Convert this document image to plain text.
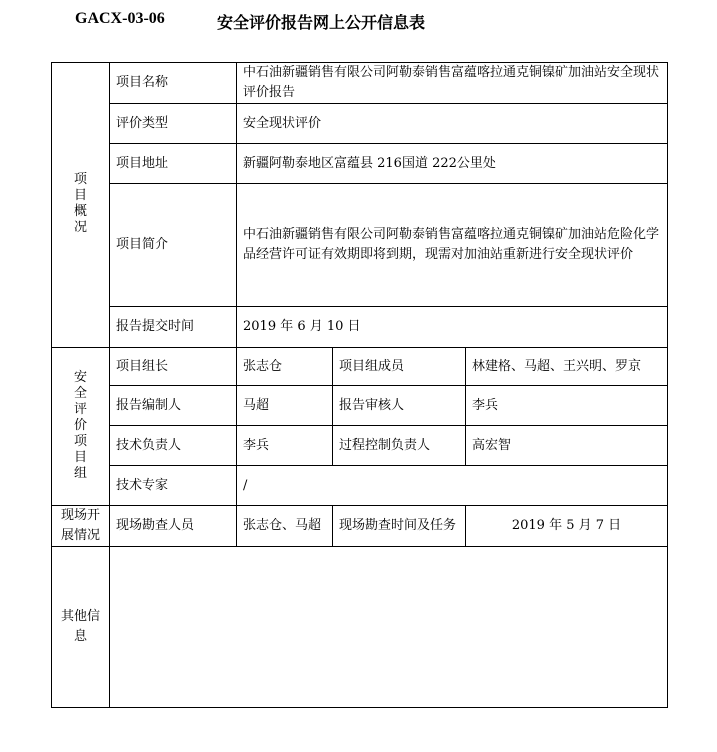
GACX-03-06	安全评价报告网上公开信息表
项目概况	项目名称	中石油新疆销售有限公司阿勒泰销售富蕴喀拉通克铜镍矿加油站安全现状评价报告		
	评价类型	安全现状评价		
	项目地址	新疆阿勒泰地区富蕴县 216国道 222公里处		
	项目简介	中石油新疆销售有限公司阿勒泰销售富蕴喀拉通克铜镍矿加油站危险化学品经营许可证有效期即将到期，现需对加油站重新进行安全现状评价		
	报告提交时间	2019 年 6 月 10 日		
安全评价项目组	项目组长	张志仓	项目组成员	林建格、马超、王兴明、罗京
	报告编制人	马超	报告审核人	李兵
	技术负责人	李兵	过程控制负责人	高宏智
	技术专家	/		
现场开展情况	现场勘查人员	张志仓、马超	现场勘查时间及任务	2019 年 5 月 7 日
其他信息				
